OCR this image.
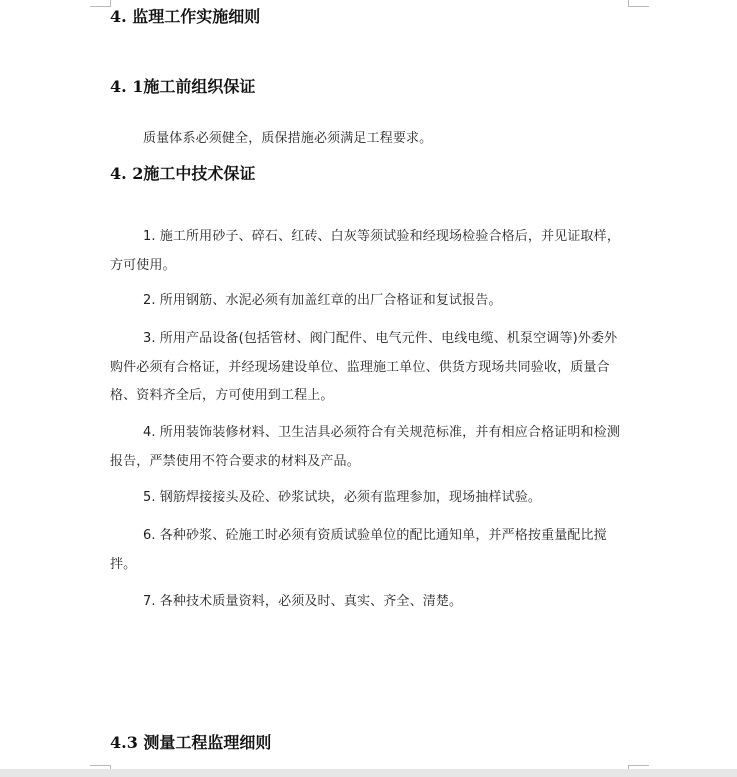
4. 监理工作实施细则
4. 1施工前组织保证

质量体系必须健全，质保措施必须满足工程要求。

4. 2施工中技术保证

1. 施工所用砂子、碎石、红砖、白灰等须试验和经现场检验合格后，并见证取样，方可使用。

2. 所用钢筋、水泥必须有加盖红章的出厂合格证和复试报告。

3. 所用产品设备(包括管材、阀门配件、电气元件、电线电缆、机泵空调等)外委外购件必须有合格证，并经现场建设单位、监理施工单位、供货方现场共同验收，质量合格、资料齐全后，方可使用到工程上。

4. 所用装饰装修材料、卫生洁具必须符合有关规范标准，并有相应合格证明和检测报告，严禁使用不符合要求的材料及产品。

5. 钢筋焊接接头及砼、砂浆试块，必须有监理参加，现场抽样试验。

6. 各种砂浆、砼施工时必须有资质试验单位的配比通知单，并严格按重量配比搅拌。

7. 各种技术质量资料，必须及时、真实、齐全、清楚。

4.3 测量工程监理细则
